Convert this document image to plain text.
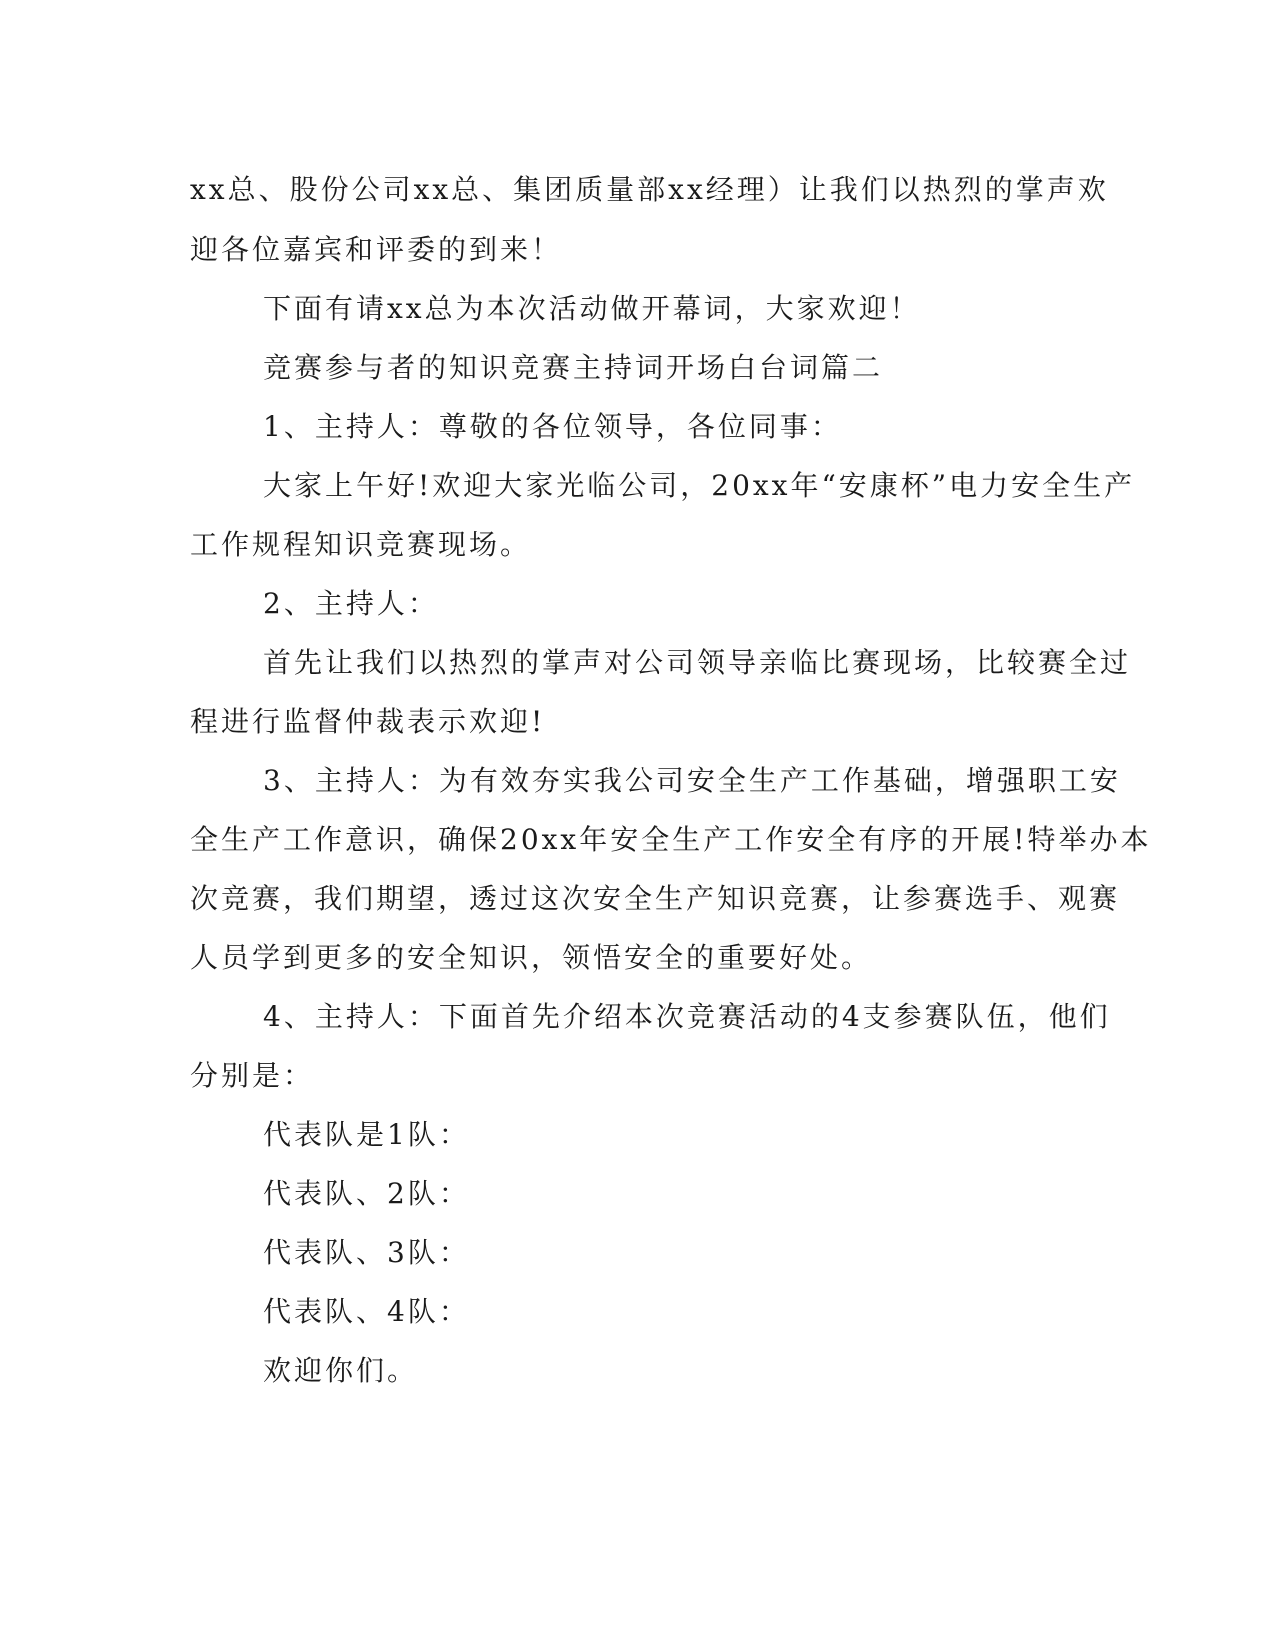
xx总、股份公司xx总、集团质量部xx经理）让我们以热烈的掌声欢
迎各位嘉宾和评委的到来！
下面有请xx总为本次活动做开幕词，大家欢迎！
竞赛参与者的知识竞赛主持词开场白台词篇二
1、主持人：尊敬的各位领导，各位同事：
大家上午好!欢迎大家光临公司，20xx年“安康杯”电力安全生产
工作规程知识竞赛现场。
2、主持人：
首先让我们以热烈的掌声对公司领导亲临比赛现场，比较赛全过
程进行监督仲裁表示欢迎!
3、主持人：为有效夯实我公司安全生产工作基础，增强职工安
全生产工作意识，确保20xx年安全生产工作安全有序的开展!特举办本
次竞赛，我们期望，透过这次安全生产知识竞赛，让参赛选手、观赛
人员学到更多的安全知识，领悟安全的重要好处。
4、主持人：下面首先介绍本次竞赛活动的4支参赛队伍，他们
分别是：
代表队是1队：
代表队、2队：
代表队、3队：
代表队、4队：
欢迎你们。
